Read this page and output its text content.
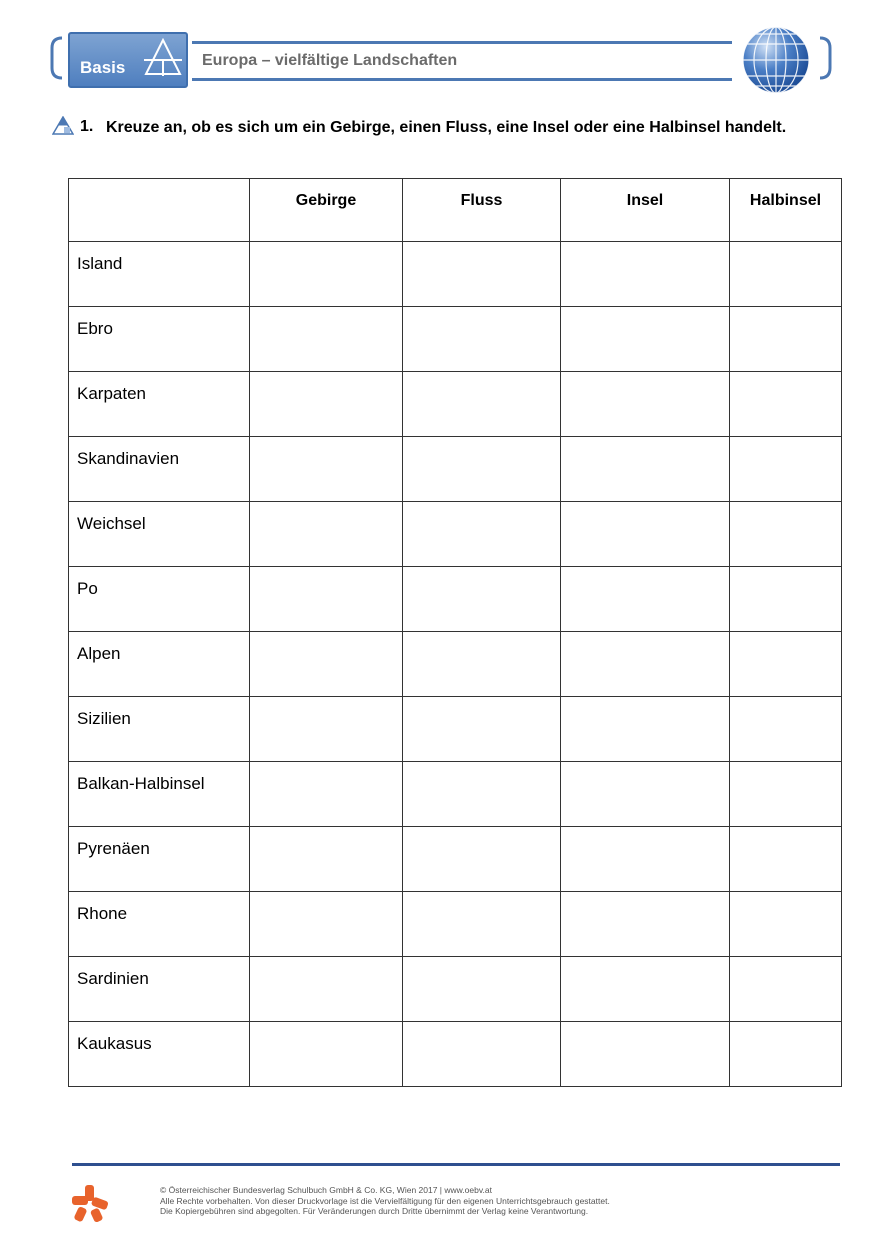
Basis	Europa – vielfältige Landschaften
1. Kreuze an, ob es sich um ein Gebirge, einen Fluss, eine Insel oder eine Halbinsel handelt.
	Gebirge	Fluss	Insel	Halbinsel
Island				
Ebro				
Karpaten				
Skandinavien				
Weichsel				
Po				
Alpen				
Sizilien				
Balkan-Halbinsel				
Pyrenäen				
Rhone				
Sardinien				
Kaukasus				
© Österreichischer Bundesverlag Schulbuch GmbH & Co. KG, Wien 2017 | www.oebv.at
Alle Rechte vorbehalten. Von dieser Druckvorlage ist die Vervielfältigung für den eigenen Unterrichtsgebrauch gestattet.
Die Kopiergebühren sind abgegolten. Für Veränderungen durch Dritte übernimmt der Verlag keine Verantwortung.
